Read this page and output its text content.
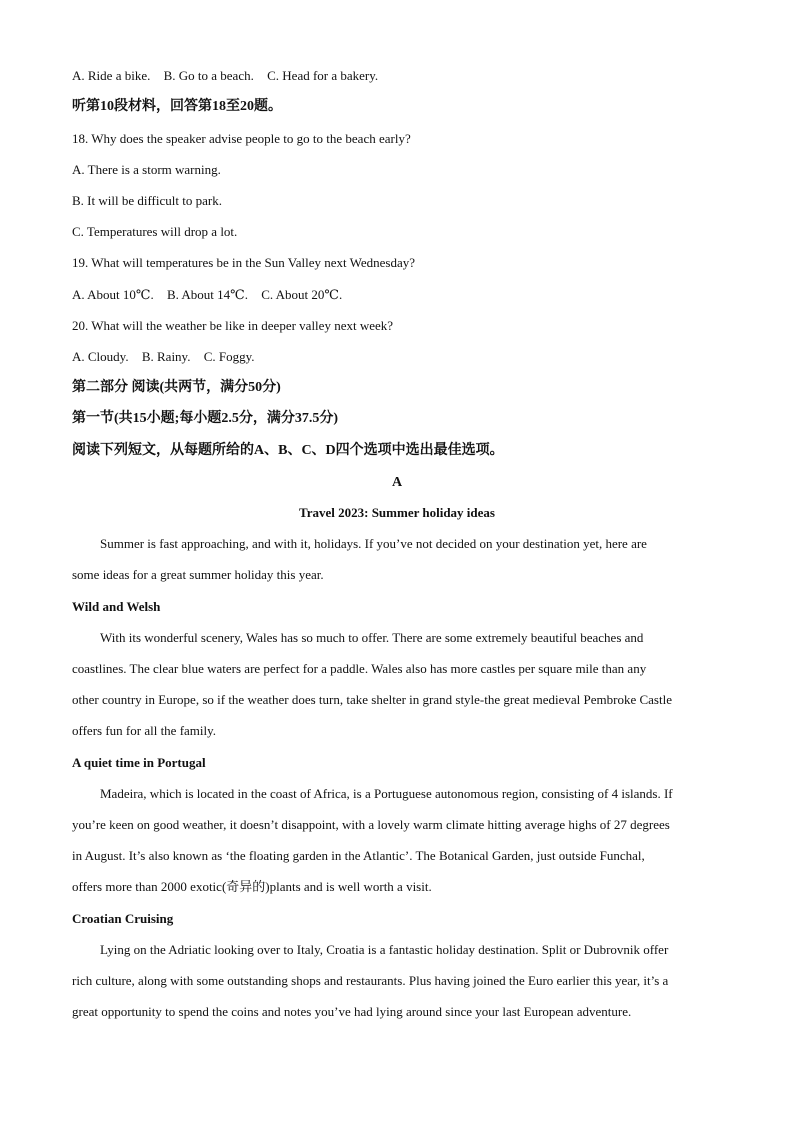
A. Ride a bike. B. Go to a beach. C. Head for a bakery.
听第10段材料，回答第18至20题。
18. Why does the speaker advise people to go to the beach early?
A. There is a storm warning.
B. It will be difficult to park.
C. Temperatures will drop a lot.
19. What will temperatures be in the Sun Valley next Wednesday?
A. About 10℃. B. About 14℃. C. About 20℃.
20. What will the weather be like in deeper valley next week?
A. Cloudy. B. Rainy. C. Foggy.
第二部分 阅读(共两节，满分50分)
第一节(共15小题;每小题2.5分，满分37.5分)
阅读下列短文，从每题所给的A、B、C、D四个选项中选出最佳选项。
A
Travel 2023: Summer holiday ideas
Summer is fast approaching, and with it, holidays. If you’ve not decided on your destination yet, here are
some ideas for a great summer holiday this year.
Wild and Welsh
With its wonderful scenery, Wales has so much to offer. There are some extremely beautiful beaches and
coastlines. The clear blue waters are perfect for a paddle. Wales also has more castles per square mile than any
other country in Europe, so if the weather does turn, take shelter in grand style-the great medieval Pembroke Castle
offers fun for all the family.
A quiet time in Portugal
Madeira, which is located in the coast of Africa, is a Portuguese autonomous region, consisting of 4 islands. If
you’re keen on good weather, it doesn’t disappoint, with a lovely warm climate hitting average highs of 27 degrees
in August. It’s also known as ‘the floating garden in the Atlantic’. The Botanical Garden, just outside Funchal,
offers more than 2000 exotic(奇异的)plants and is well worth a visit.
Croatian Cruising
Lying on the Adriatic looking over to Italy, Croatia is a fantastic holiday destination. Split or Dubrovnik offer
rich culture, along with some outstanding shops and restaurants. Plus having joined the Euro earlier this year, it’s a
great opportunity to spend the coins and notes you’ve had lying around since your last European adventure.
